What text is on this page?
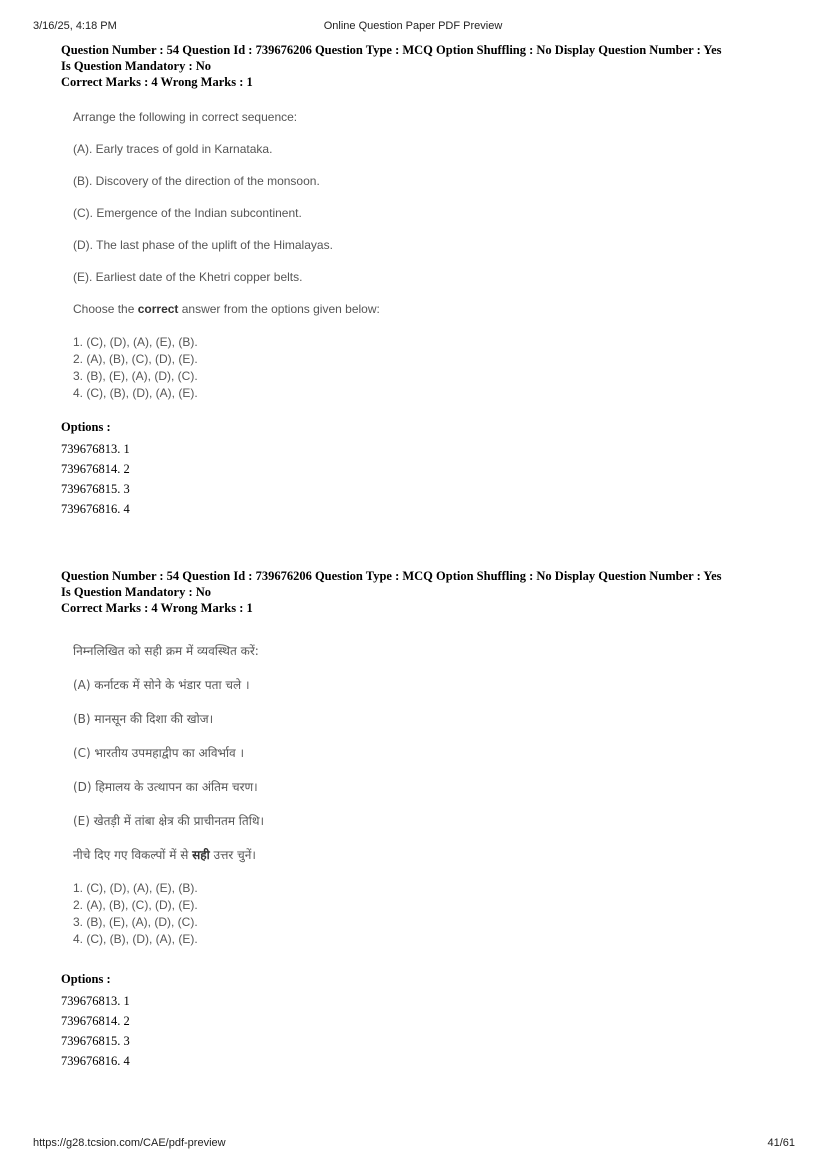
3/16/25, 4:18 PM	Online Question Paper PDF Preview
Question Number : 54 Question Id : 739676206 Question Type : MCQ Option Shuffling : No Display Question Number : Yes
Is Question Mandatory : No
Correct Marks : 4 Wrong Marks : 1
Arrange the following in correct sequence:
(A). Early traces of gold in Karnataka.
(B). Discovery of the direction of the monsoon.
(C). Emergence of the Indian subcontinent.
(D). The last phase of the uplift of the Himalayas.
(E). Earliest date of the Khetri copper belts.
Choose the correct answer from the options given below:
1. (C), (D), (A), (E), (B).
2. (A), (B), (C), (D), (E).
3. (B), (E), (A), (D), (C).
4. (C), (B), (D), (A), (E).
Options :
739676813. 1
739676814. 2
739676815. 3
739676816. 4
Question Number : 54 Question Id : 739676206 Question Type : MCQ Option Shuffling : No Display Question Number : Yes
Is Question Mandatory : No
Correct Marks : 4 Wrong Marks : 1
निम्नलिखित को सही क्रम में व्यवस्थित करें:
(A) कर्नाटक में सोने के भंडार पता चले ।
(B) मानसून की दिशा की खोज।
(C) भारतीय उपमहाद्वीप का अविर्भाव ।
(D) हिमालय के उत्थापन का अंतिम चरण।
(E) खेतड़ी में तांबा क्षेत्र की प्राचीनतम तिथि।
नीचे दिए गए विकल्पों में से सही उत्तर चुनें।
1. (C), (D), (A), (E), (B).
2. (A), (B), (C), (D), (E).
3. (B), (E), (A), (D), (C).
4. (C), (B), (D), (A), (E).
Options :
739676813. 1
739676814. 2
739676815. 3
739676816. 4
https://g28.tcsion.com/CAE/pdf-preview	41/61
